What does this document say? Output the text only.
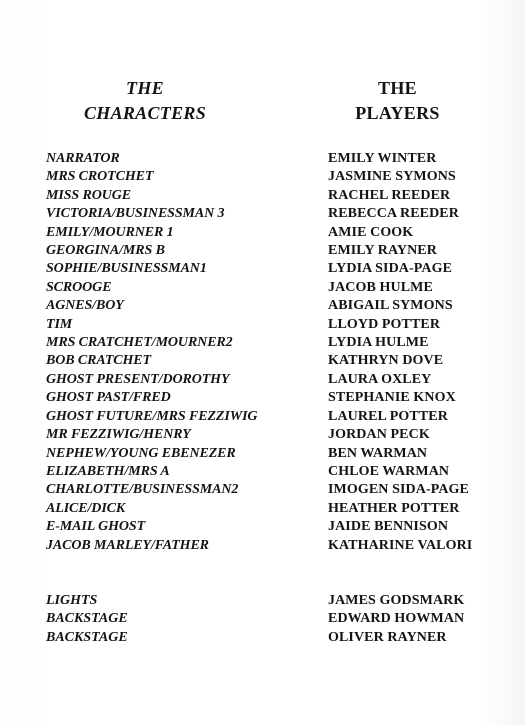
THE
CHARACTERS
THE
PLAYERS
NARRATOR
MRS CROTCHET
MISS ROUGE
VICTORIA/BUSINESSMAN 3
EMILY/MOURNER 1
GEORGINA/MRS B
SOPHIE/BUSINESSMAN1
SCROOGE
AGNES/BOY
TIM
MRS CRATCHET/MOURNER2
BOB CRATCHET
GHOST PRESENT/DOROTHY
GHOST PAST/FRED
GHOST FUTURE/MRS FEZZIWIG
MR FEZZIWIG/HENRY
NEPHEW/YOUNG EBENEZER
ELIZABETH/MRS A
CHARLOTTE/BUSINESSMAN2
ALICE/DICK
E-MAIL GHOST
JACOB MARLEY/FATHER
EMILY WINTER
JASMINE SYMONS
RACHEL REEDER
REBECCA REEDER
AMIE COOK
EMILY RAYNER
LYDIA SIDA-PAGE
JACOB HULME
ABIGAIL SYMONS
LLOYD POTTER
LYDIA HULME
KATHRYN DOVE
LAURA OXLEY
STEPHANIE KNOX
LAUREL POTTER
JORDAN PECK
BEN WARMAN
CHLOE WARMAN
IMOGEN SIDA-PAGE
HEATHER POTTER
JAIDE BENNISON
KATHARINE VALORI
LIGHTS
BACKSTAGE
BACKSTAGE
JAMES GODSMARK
EDWARD HOWMAN
OLIVER RAYNER
